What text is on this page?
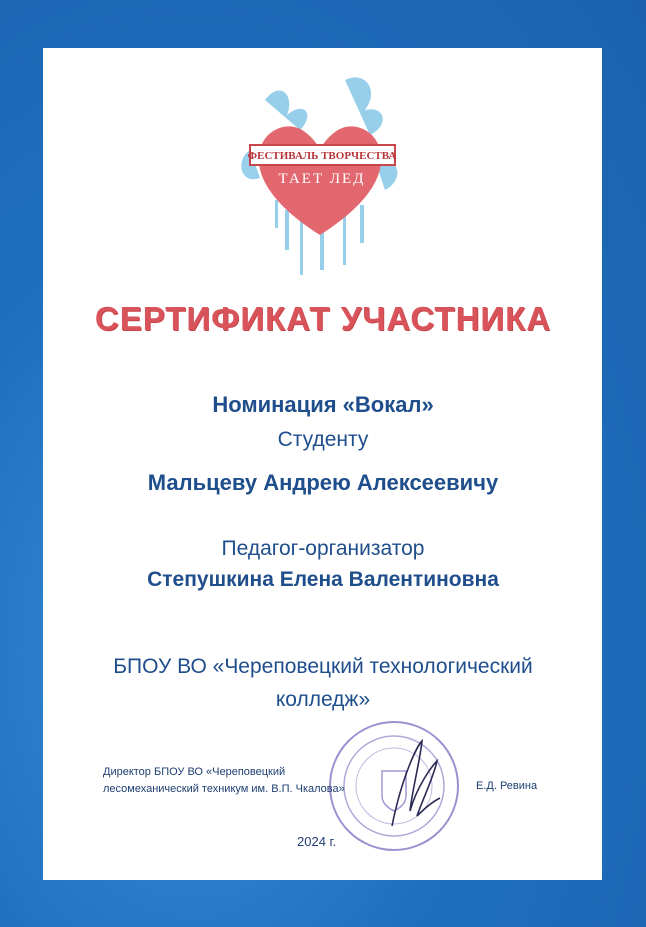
ФЕСТИВАЛЬ ТВОРЧЕСТВА
ТАЕТ ЛЕД
СЕРТИФИКАТ УЧАСТНИКА
Номинация «Вокал»
Студенту
Мальцеву Андрею Алексеевичу
Педагог-организатор
Степушкина Елена Валентиновна
БПОУ ВО «Череповецкий технологический
колледж»
Директор БПОУ ВО «Череповецкий
лесомеханический техникум им. В.П. Чкалова»	Е.Д. Ревина
2024 г.
